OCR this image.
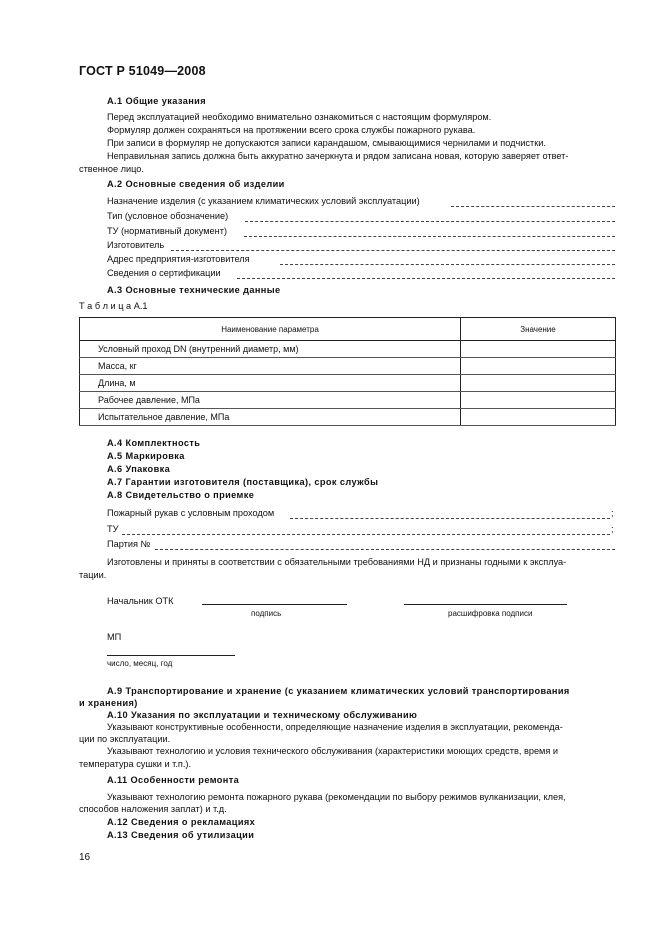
ГОСТ Р 51049—2008
А.1 Общие указания
Перед эксплуатацией необходимо внимательно ознакомиться с настоящим формуляром.
Формуляр должен сохраняться на протяжении всего срока службы пожарного рукава.
При записи в формуляр не допускаются записи карандашом, смывающимися чернилами и подчистки.
Неправильная запись должна быть аккуратно зачеркнута и рядом записана новая, которую заверяет ответ-
ственное лицо.
А.2 Основные сведения об изделии
Назначение изделия (с указанием климатических условий эксплуатации)
Тип (условное обозначение)
ТУ (нормативный документ)
Изготовитель
Адрес предприятия-изготовителя
Сведения о сертификации
А.3 Основные технические данные
Т а б л и ц а А.1
Наименование параметра	Значение
Условный проход DN (внутренний диаметр, мм)	
Масса, кг	
Длина, м	
Рабочее давление, МПа	
Испытательное давление, МПа	
А.4 Комплектность
А.5 Маркировка
А.6 Упаковка
А.7 Гарантии изготовителя (поставщика), срок службы
А.8 Свидетельство о приемке
Пожарный рукав с условным проходом	;
ТУ	;
Партия №
Изготовлены и приняты в соответствии с обязательными требованиями НД и признаны годными к эксплуа-
тации.
Начальник ОТК
подпись	расшифровка подписи
МП
число, месяц, год
А.9 Транспортирование и хранение (с указанием климатических условий транспортирования
и хранения)
А.10 Указания по эксплуатации и техническому обслуживанию
Указывают конструктивные особенности, определяющие назначение изделия в эксплуатации, рекоменда-
ции по эксплуатации.
Указывают технологию и условия технического обслуживания (характеристики моющих средств, время и
температура сушки и т.п.).
А.11 Особенности ремонта
Указывают технологию ремонта пожарного рукава (рекомендации по выбору режимов вулканизации, клея,
способов наложения заплат) и т.д.
А.12 Сведения о рекламациях
А.13 Сведения об утилизации
16
